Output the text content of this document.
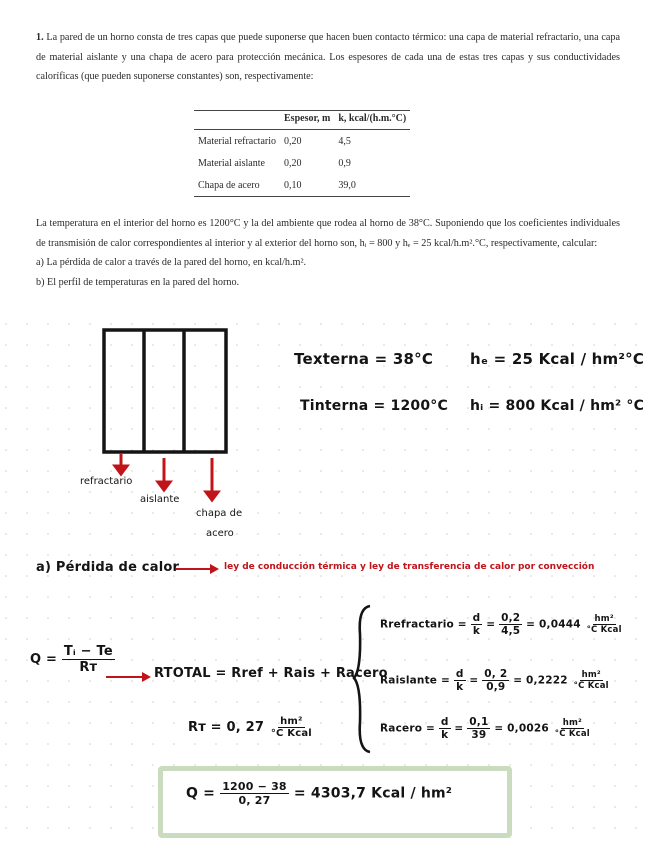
1. La pared de un horno consta de tres capas que puede suponerse que hacen buen contacto térmico: una capa de material refractario, una capa de material aislante y una chapa de acero para protección mecánica. Los espesores de cada una de estas tres capas y sus conductividades caloríficas (que pueden suponerse constantes) son, respectivamente:

	Espesor, m	k, kcal/(h.m.°C)
Material refractario	0,20	4,5
Material aislante	0,20	0,9
Chapa de acero	0,10	39,0

La temperatura en el interior del horno es 1200°C y la del ambiente que rodea al horno de 38°C. Suponiendo que los coeficientes individuales de transmisión de calor correspondientes al interior y al exterior del horno son, hᵢ = 800 y hₑ = 25 kcal/h.m².°C, respectivamente, calcular:

a) La pérdida de calor a través de la pared del horno, en kcal/h.m².

b) El perfil de temperaturas en la pared del horno.

refractario
aislante
chapa de
acero
Texterna = 38°C hₑ = 25 Kcal / hm²°C
Tinterna = 1200°C hᵢ = 800 Kcal / hm² °C
a) Pérdida de calor	ley de conducción térmica y ley de transferencia de calor por convección
$Q = \frac{\text{Tᵢ − Te}}{\text{Rᴛ}}$	RTOTAL = Rref + Rais + Racero
Rᴛ = 0, $27 \frac{\text{hm²}}{\text{°C Kcal}}$
Rrefractario = $\frac{d}{k} = \frac{0,2}{4,5} = 0,0444 \frac{\text{hm²}}{\text{°C Kcal}}$
Raislante = $\frac{d}{k} = \frac{0, 2}{0,9} = 0,2222 \frac{\text{hm²}}{\text{°C Kcal}}$
Racero = $\frac{d}{k} = \frac{0,1}{39} = 0,0026 \frac{\text{hm²}}{\text{°C Kcal}}$
$Q = \frac{1200 - 38}{0, 27} = 4303,7$ Kcal / hm²
